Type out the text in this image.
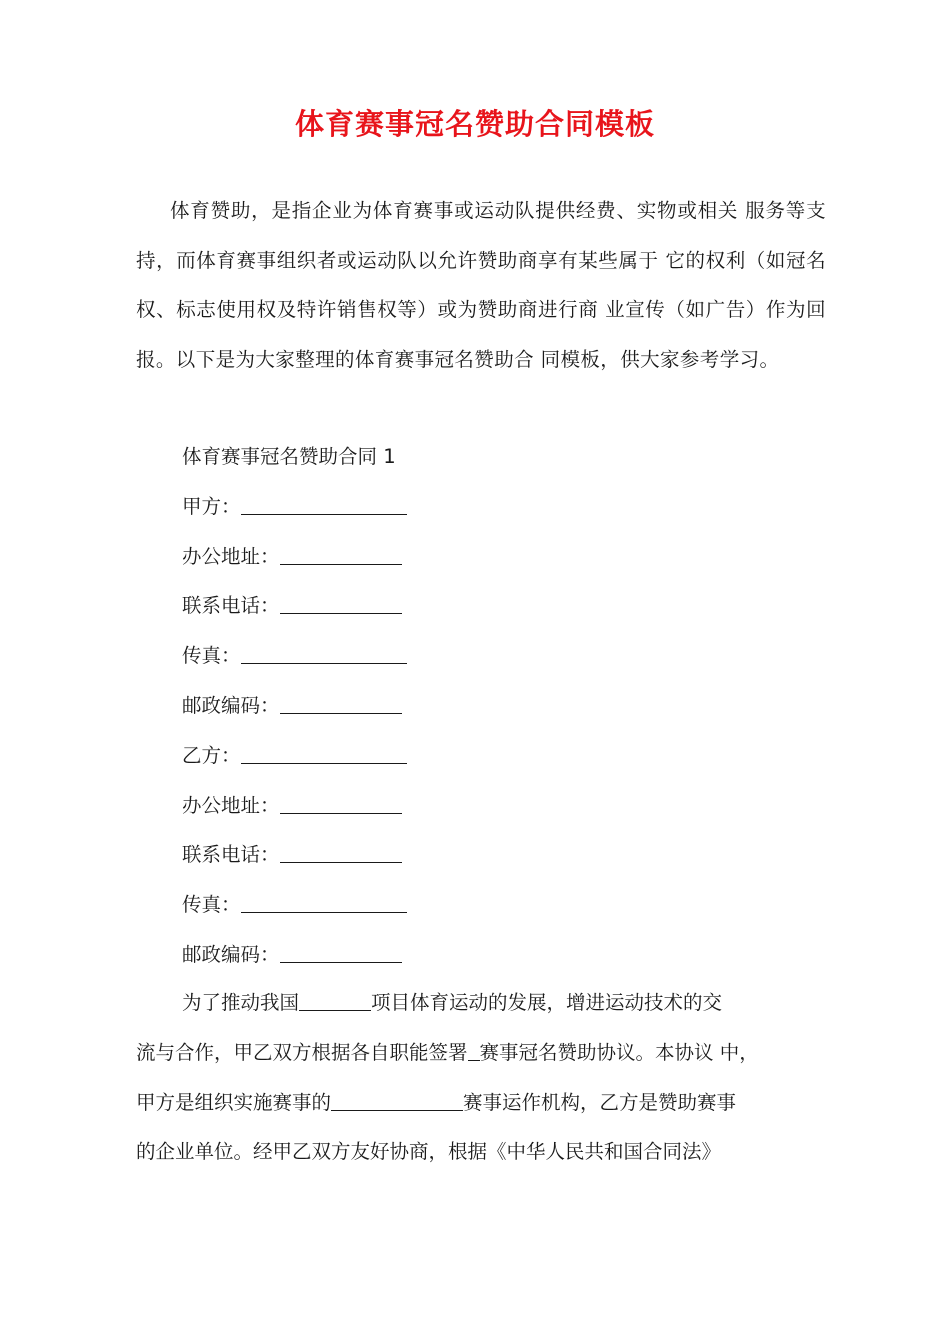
体育赛事冠名赞助合同模板

体育赞助，是指企业为体育赛事或运动队提供经费、实物或相关 服务等支持，而体育赛事组织者或运动队以允许赞助商享有某些属于 它的权利（如冠名权、标志使用权及特许销售权等）或为赞助商进行商 业宣传（如广告）作为回报。以下是为大家整理的体育赛事冠名赞助合 同模板，供大家参考学习。

体育赛事冠名赞助合同 1
甲方：
办公地址：
联系电话：
传真：
邮政编码：
乙方：
办公地址：
联系电话：
传真：
邮政编码：
为了推动我国	项目体育运动的发展，增进运动技术的交
流与合作，甲乙双方根据各自职能签署 赛事冠名赞助协议。本协议 中，
甲方是组织实施赛事的	赛事运作机构，乙方是赞助赛事
的企业单位。经甲乙双方友好协商，根据《中华人民共和国合同法》
